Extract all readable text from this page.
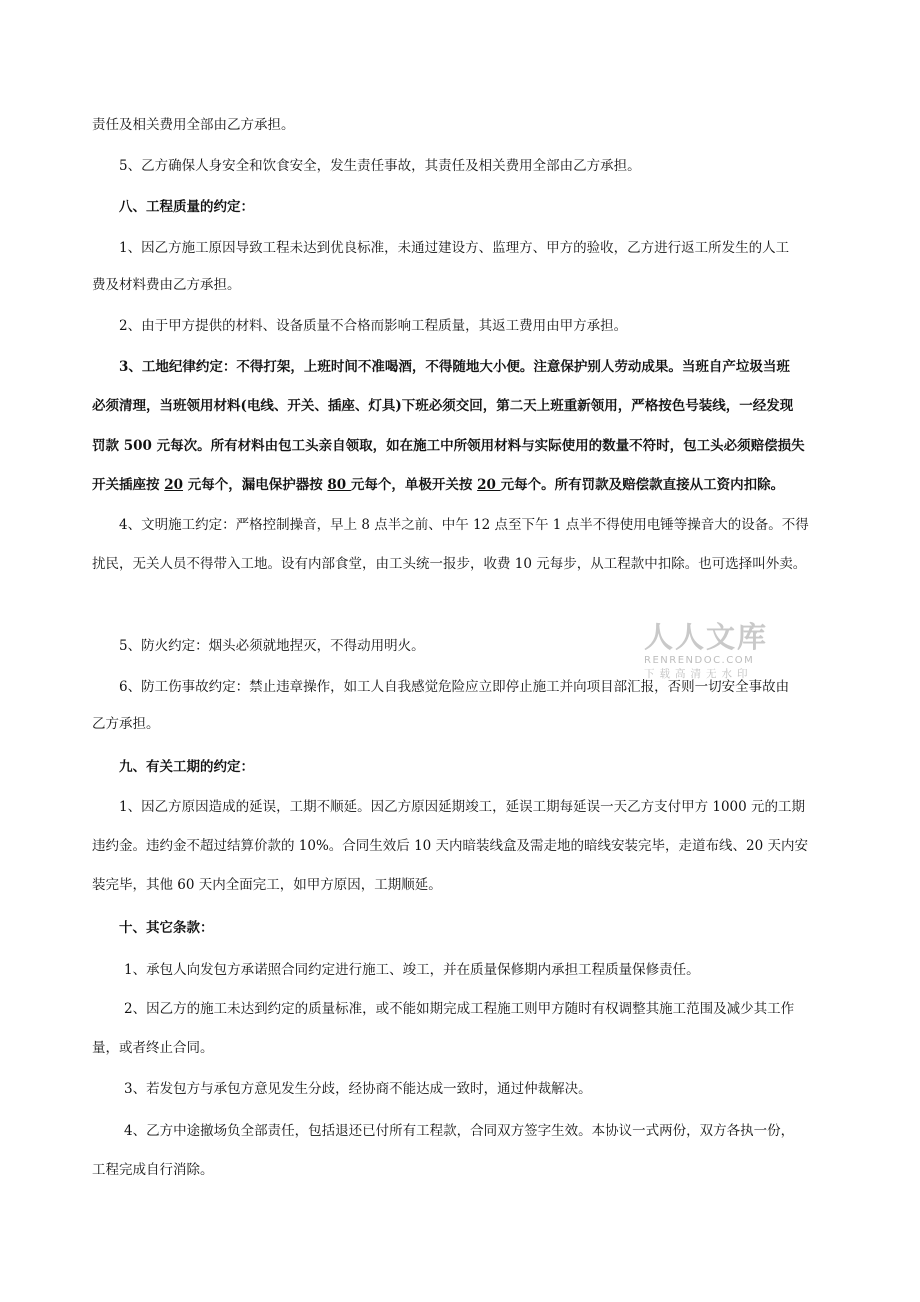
责任及相关费用全部由乙方承担。
5、乙方确保人身安全和饮食安全，发生责任事故，其责任及相关费用全部由乙方承担。
八、工程质量的约定：
1、因乙方施工原因导致工程未达到优良标准，未通过建设方、监理方、甲方的验收，乙方进行返工所发生的人工
费及材料费由乙方承担。
2、由于甲方提供的材料、设备质量不合格而影响工程质量，其返工费用由甲方承担。
3、工地纪律约定：不得打架，上班时间不准喝酒，不得随地大小便。注意保护别人劳动成果。当班自产垃圾当班
必须清理，当班领用材料(电线、开关、插座、灯具)下班必须交回，第二天上班重新领用，严格按色号装线，一经发现
罚款 500 元每次。所有材料由包工头亲自领取，如在施工中所领用材料与实际使用的数量不符时，包工头必须赔偿损失
开关插座按 20 元每个，漏电保护器按 80 元每个，单极开关按 20 元每个。所有罚款及赔偿款直接从工资内扣除。
4、文明施工约定：严格控制操音，早上 8 点半之前、中午 12 点至下午 1 点半不得使用电锤等操音大的设备。不得
扰民，无关人员不得带入工地。设有内部食堂，由工头统一报步，收费 10 元每步，从工程款中扣除。也可选择叫外卖。
5、防火约定：烟头必须就地捏灭，不得动用明火。
6、防工伤事故约定：禁止违章操作，如工人自我感觉危险应立即停止施工并向项目部汇报，否则一切安全事故由
乙方承担。
九、有关工期的约定：
1、因乙方原因造成的延误，工期不顺延。因乙方原因延期竣工，延误工期每延误一天乙方支付甲方 1000 元的工期
违约金。违约金不超过结算价款的 10%。合同生效后 10 天内暗装线盒及需走地的暗线安装完毕，走道布线、20 天内安
装完毕，其他 60 天内全面完工，如甲方原因，工期顺延。
十、其它条款：
1、承包人向发包方承诺照合同约定进行施工、竣工，并在质量保修期内承担工程质量保修责任。
2、因乙方的施工未达到约定的质量标准，或不能如期完成工程施工则甲方随时有权调整其施工范围及减少其工作
量，或者终止合同。
3、若发包方与承包方意见发生分歧，经协商不能达成一致时，通过仲裁解决。
4、乙方中途撤场负全部责任，包括退还已付所有工程款，合同双方签字生效。本协议一式两份，双方各执一份，
工程完成自行消除。
人人文库
RENRENDOC.COM
下载高清无水印
